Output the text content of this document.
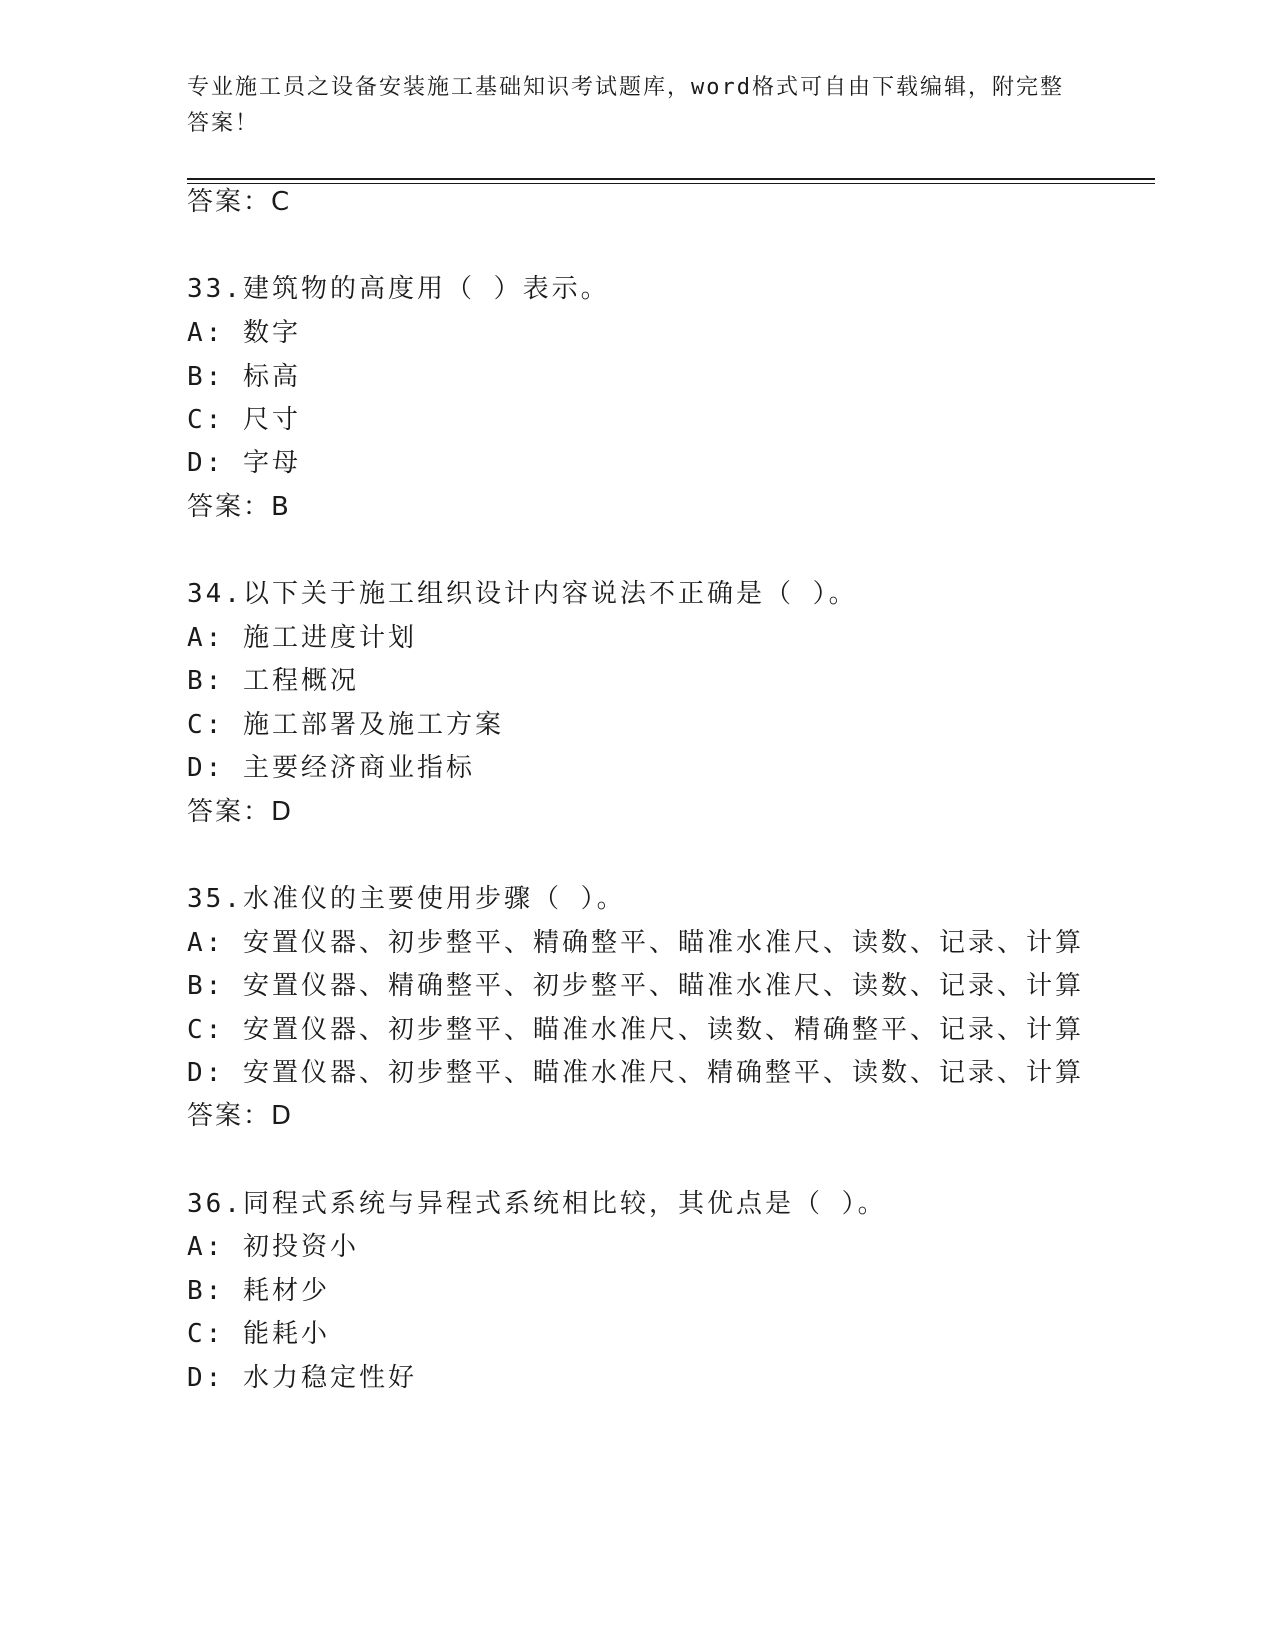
专业施工员之设备安装施工基础知识考试题库，word格式可自由下载编辑，附完整答案！
答案：C
33.建筑物的高度用（ ）表示。
A: 数字
B: 标高
C: 尺寸
D: 字母
答案：B
34.以下关于施工组织设计内容说法不正确是（ ）。
A: 施工进度计划
B: 工程概况
C: 施工部署及施工方案
D: 主要经济商业指标
答案：D
35.水准仪的主要使用步骤（ ）。
A: 安置仪器、初步整平、精确整平、瞄准水准尺、读数、记录、计算
B: 安置仪器、精确整平、初步整平、瞄准水准尺、读数、记录、计算
C: 安置仪器、初步整平、瞄准水准尺、读数、精确整平、记录、计算
D: 安置仪器、初步整平、瞄准水准尺、精确整平、读数、记录、计算
答案：D
36.同程式系统与异程式系统相比较，其优点是（ ）。
A: 初投资小
B: 耗材少
C: 能耗小
D: 水力稳定性好
